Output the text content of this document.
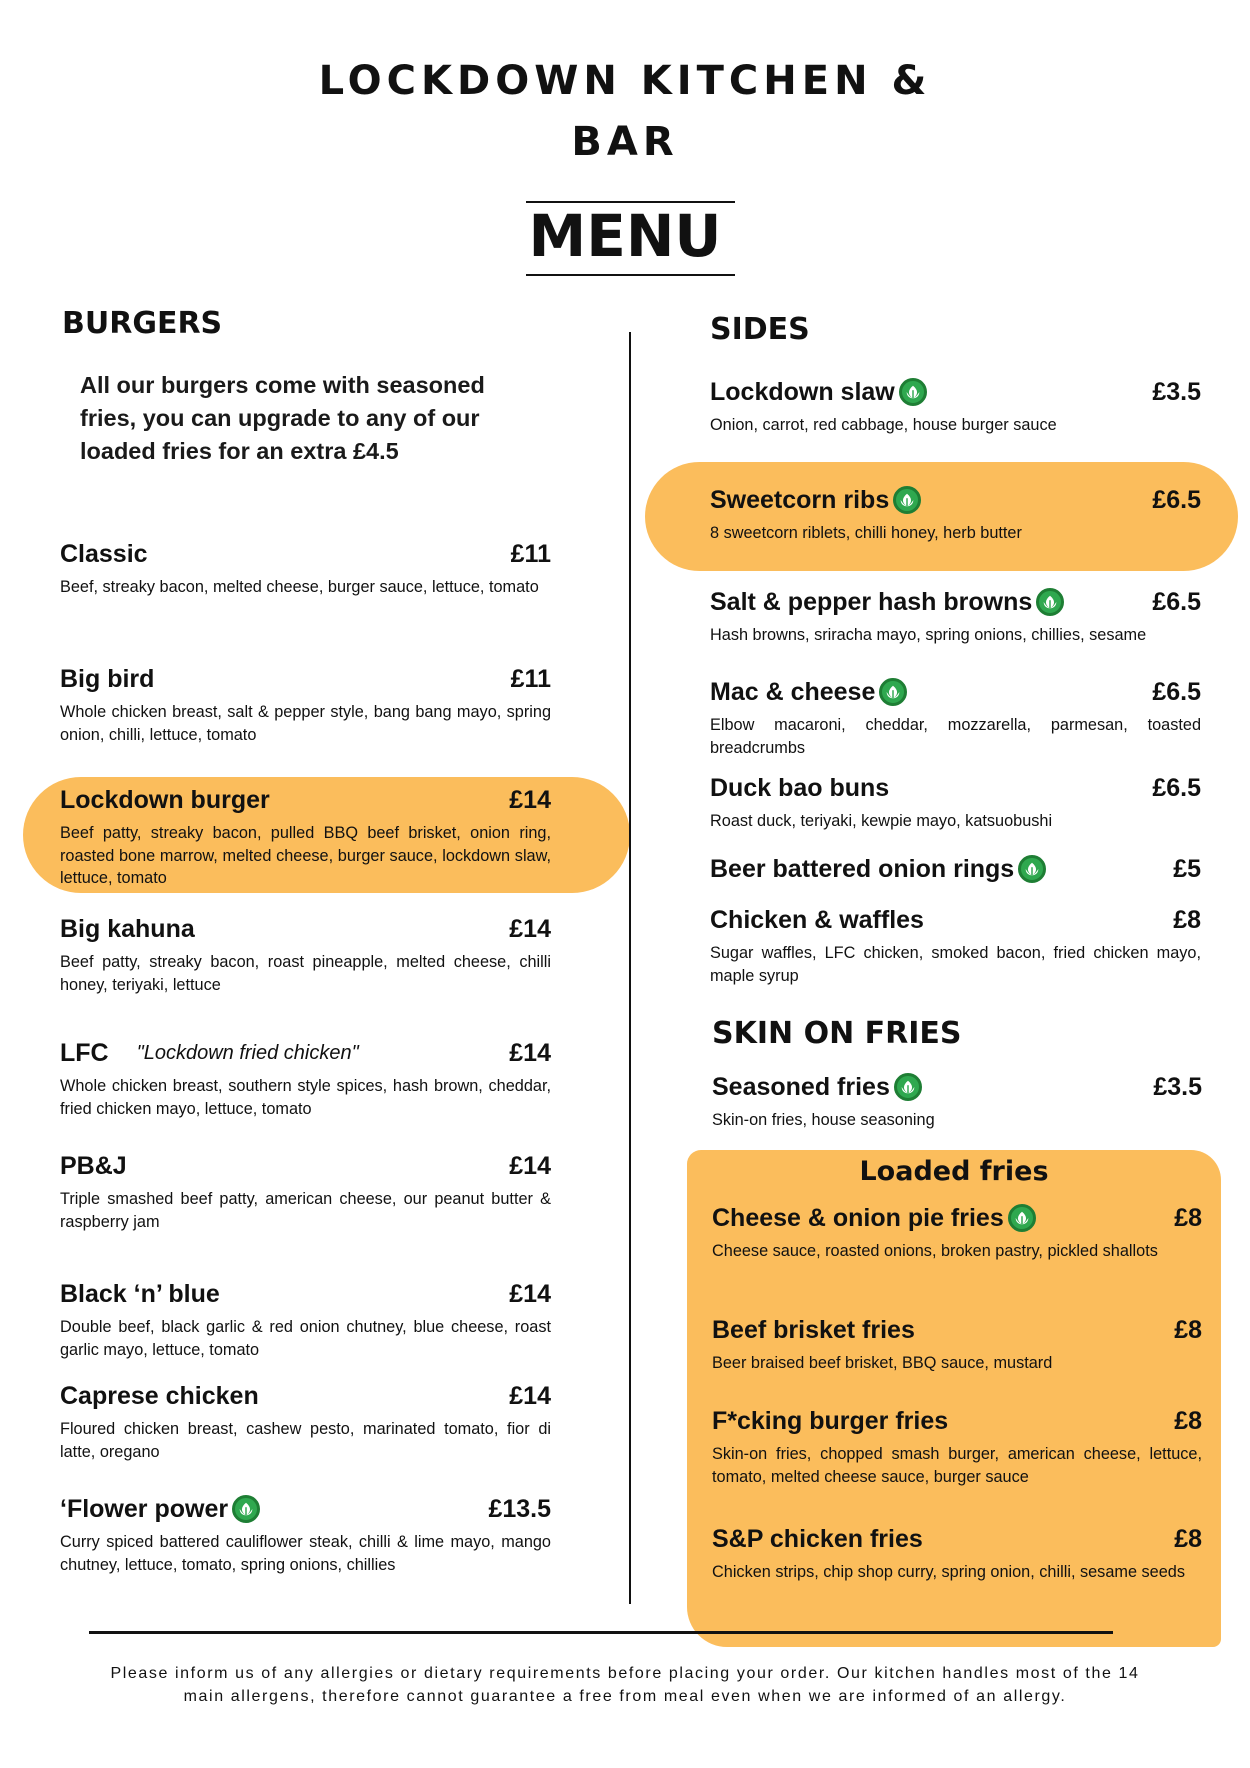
LOCKDOWN KITCHEN &
BAR
MENU
BURGERS
All our burgers come with seasoned fries, you can upgrade to any of our loaded fries for an extra £4.5
SIDES
SKIN ON FRIES
Loaded fries
Classic	£11
Beef, streaky bacon, melted cheese, burger sauce, lettuce, tomato
Big bird	£11
Whole chicken breast, salt & pepper style, bang bang mayo, spring onion, chilli, lettuce, tomato
Lockdown burger	£14
Beef patty, streaky bacon, pulled BBQ beef brisket, onion ring, roasted bone marrow, melted cheese, burger sauce, lockdown slaw, lettuce, tomato
Big kahuna	£14
Beef patty, streaky bacon, roast pineapple, melted cheese, chilli honey, teriyaki, lettuce
LFC "Lockdown fried chicken"	£14
Whole chicken breast, southern style spices, hash brown, cheddar, fried chicken mayo, lettuce, tomato
PB&J	£14
Triple smashed beef patty, american cheese, our peanut butter & raspberry jam
Black ‘n’ blue	£14
Double beef, black garlic & red onion chutney, blue cheese, roast garlic mayo, lettuce, tomato
Caprese chicken	£14
Floured chicken breast, cashew pesto, marinated tomato, fior di latte, oregano
‘Flower power	£13.5
Curry spiced battered cauliflower steak, chilli & lime mayo, mango chutney, lettuce, tomato, spring onions, chillies
Lockdown slaw	£3.5
Onion, carrot, red cabbage, house burger sauce
Sweetcorn ribs	£6.5
8 sweetcorn riblets, chilli honey, herb butter
Salt & pepper hash browns	£6.5
Hash browns, sriracha mayo, spring onions, chillies, sesame
Mac & cheese	£6.5
Elbow macaroni, cheddar, mozzarella, parmesan, toasted breadcrumbs
Duck bao buns	£6.5
Roast duck, teriyaki, kewpie mayo, katsuobushi
Beer battered onion rings	£5
Chicken & waffles	£8
Sugar waffles, LFC chicken, smoked bacon, fried chicken mayo, maple syrup
Seasoned fries	£3.5
Skin-on fries, house seasoning
Cheese & onion pie fries	£8
Cheese sauce, roasted onions, broken pastry, pickled shallots
Beef brisket fries	£8
Beer braised beef brisket, BBQ sauce, mustard
F*cking burger fries	£8
Skin-on fries, chopped smash burger, american cheese, lettuce, tomato, melted cheese sauce, burger sauce
S&P chicken fries	£8
Chicken strips, chip shop curry, spring onion, chilli, sesame seeds
Please inform us of any allergies or dietary requirements before placing your order. Our kitchen handles most of the 14 main allergens, therefore cannot guarantee a free from meal even when we are informed of an allergy.
